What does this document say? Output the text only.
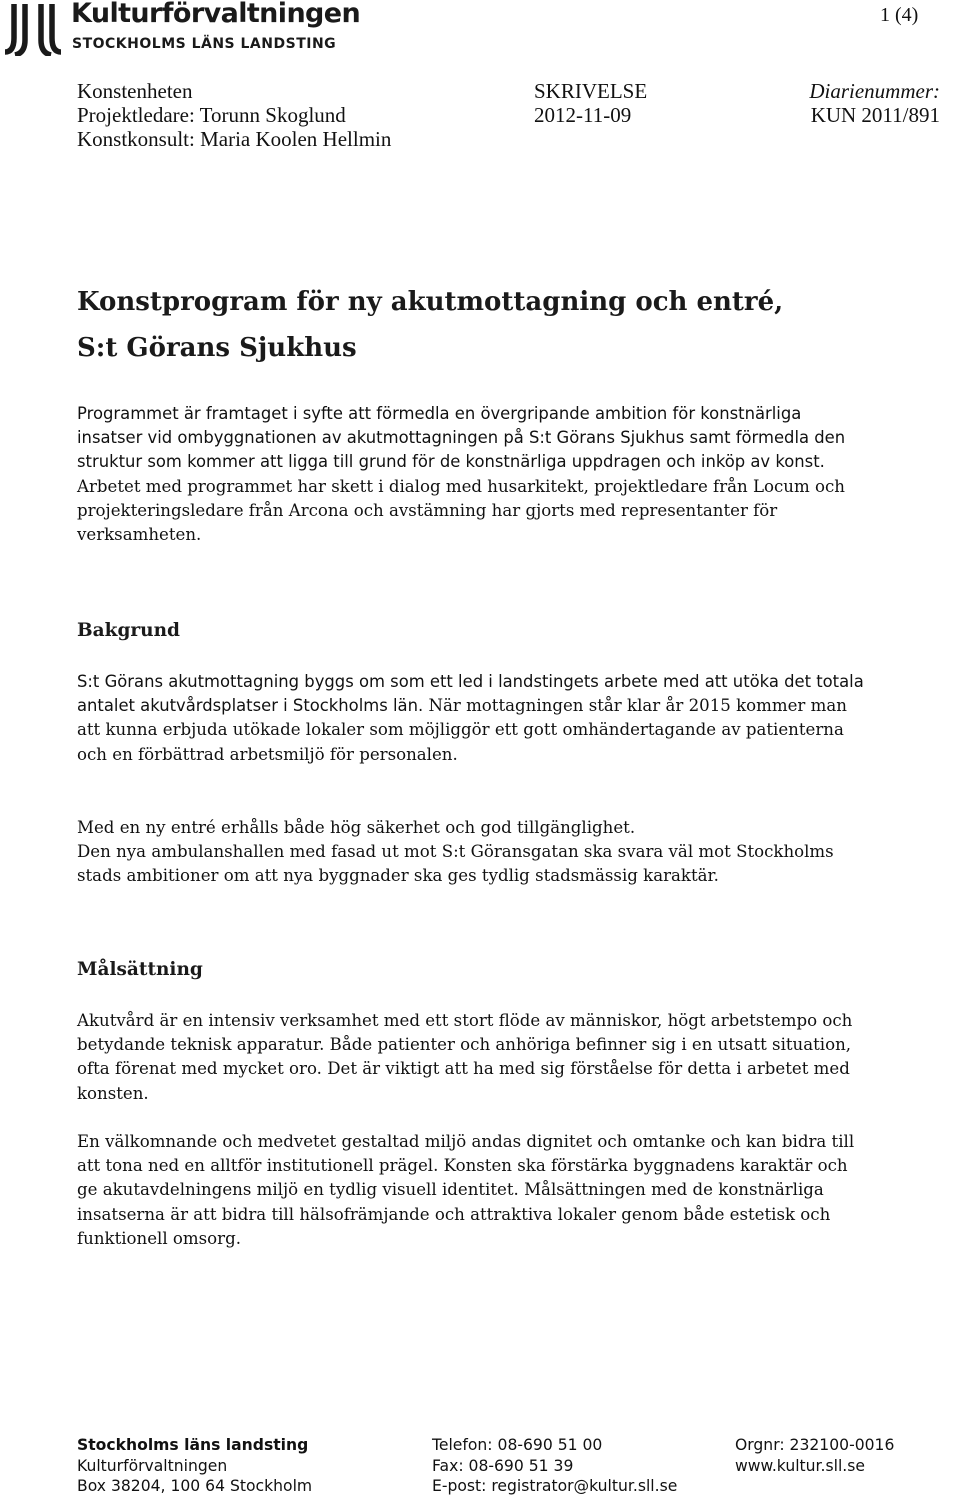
Kulturförvaltningen
STOCKHOLMS LÄNS LANDSTING
1 (4)
Konstenheten
Projektledare: Torunn Skoglund
Konstkonsult: Maria Koolen Hellmin
SKRIVELSE
2012-11-09
Diarienummer:
KUN 2011/891
Konstprogram för ny akutmottagning och entré,
S:t Görans Sjukhus

Programmet är framtaget i syfte att förmedla en övergripande ambition för konstnärliga insatser vid ombyggnationen av akutmottagningen på S:t Görans Sjukhus samt förmedla den struktur som kommer att ligga till grund för de konstnärliga uppdragen och inköp av konst. Arbetet med programmet har skett i dialog med husarkitekt, projektledare från Locum och projekteringsledare från Arcona och avstämning har gjorts med representanter för verksamheten.

Bakgrund

S:t Görans akutmottagning byggs om som ett led i landstingets arbete med att utöka det totala antalet akutvårdsplatser i Stockholms län. När mottagningen står klar år 2015 kommer man att kunna erbjuda utökade lokaler som möjliggör ett gott omhändertagande av patienterna och en förbättrad arbetsmiljö för personalen.

Med en ny entré erhålls både hög säkerhet och god tillgänglighet.
Den nya ambulanshallen med fasad ut mot S:t Göransgatan ska svara väl mot Stockholms stads ambitioner om att nya byggnader ska ges tydlig stadsmässig karaktär.

Målsättning

Akutvård är en intensiv verksamhet med ett stort flöde av människor, högt arbetstempo och betydande teknisk apparatur. Både patienter och anhöriga befinner sig i en utsatt situation, ofta förenat med mycket oro. Det är viktigt att ha med sig förståelse för detta i arbetet med konsten.

En välkomnande och medvetet gestaltad miljö andas dignitet och omtanke och kan bidra till att tona ned en alltför institutionell prägel. Konsten ska förstärka byggnadens karaktär och ge akutavdelningens miljö en tydlig visuell identitet. Målsättningen med de konstnärliga insatserna är att bidra till hälsofrämjande och attraktiva lokaler genom både estetisk och funktionell omsorg.

Stockholms läns landsting
Kulturförvaltningen
Box 38204, 100 64 Stockholm
Telefon: 08-690 51 00
Fax: 08-690 51 39
E-post: registrator@kultur.sll.se
Orgnr: 232100-0016
www.kultur.sll.se
